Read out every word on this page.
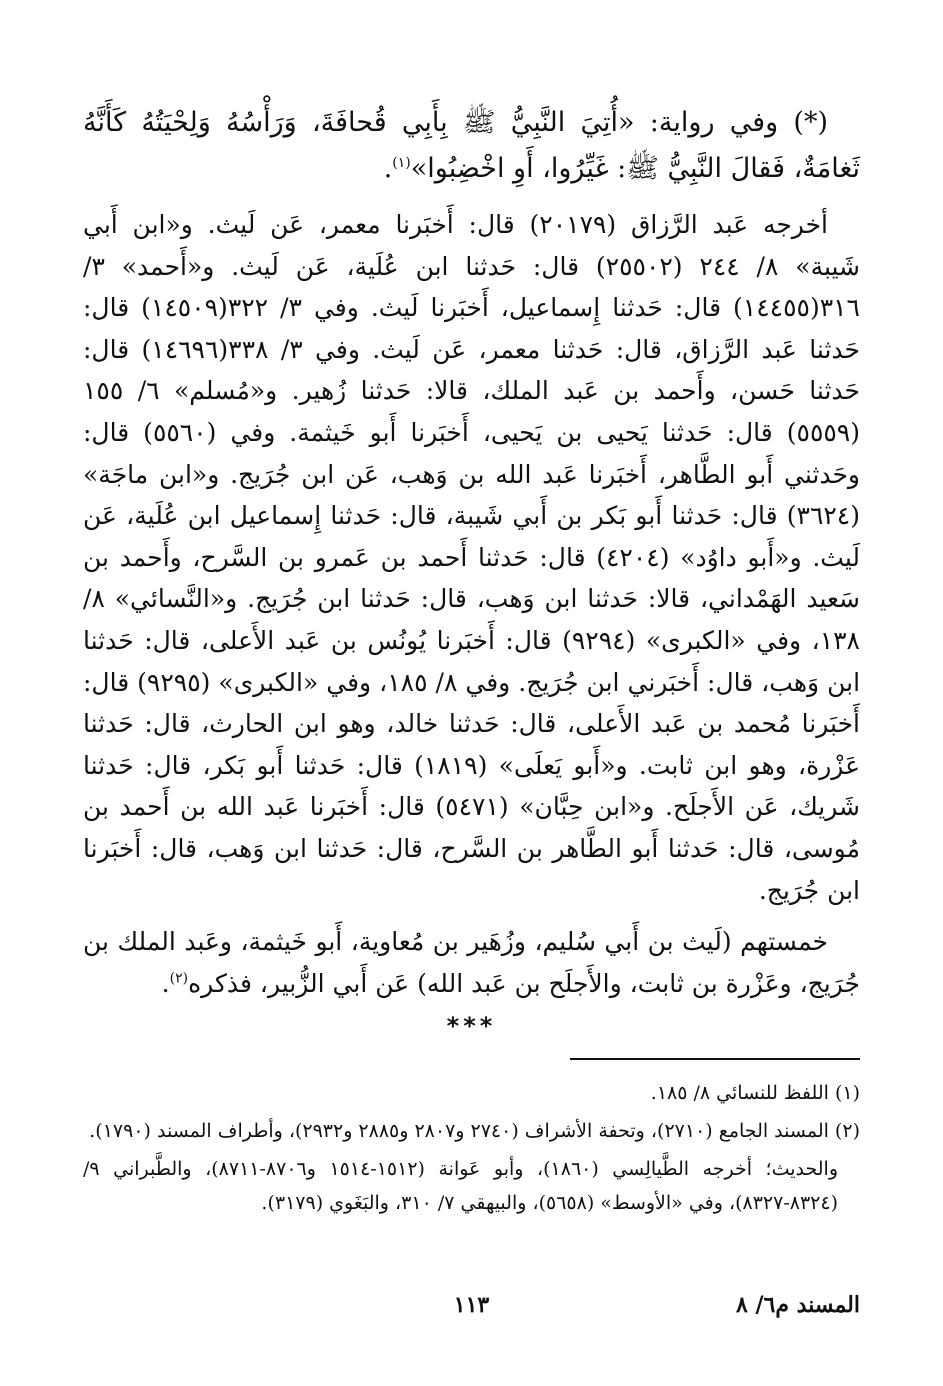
(*) وفي رواية: «أُتِيَ النَّبِيُّ ﷺ بِأَبِي قُحافَةَ، وَرَأْسُهُ وَلِحْيَتُهُ كَأَنَّهُ ثَغامَةٌ، فَقالَ النَّبِيُّ ﷺ: غَيِّرُوا، أَوِ اخْضِبُوا»$^{(١)}$.

أخرجه عَبد الرَّزاق (٢٠١٧٩) قال: أَخبَرنا معمر، عَن لَيث. و«ابن أَبي شَيبة» ٨/ ٢٤٤ (٢٥٥٠٢) قال: حَدثنا ابن عُلَية، عَن لَيث. و«أَحمد» ٣/ ٣١٦(١٤٤٥٥) قال: حَدثنا إِسماعيل، أَخبَرنا لَيث. وفي ٣/ ٣٢٢(١٤٥٠٩) قال: حَدثنا عَبد الرَّزاق، قال: حَدثنا معمر، عَن لَيث. وفي ٣/ ٣٣٨(١٤٦٩٦) قال: حَدثنا حَسن، وأَحمد بن عَبد الملك، قالا: حَدثنا زُهير. و«مُسلم» ٦/ ١٥٥ (٥٥٥٩) قال: حَدثنا يَحيى بن يَحيى، أَخبَرنا أَبو خَيثمة. وفي (٥٥٦٠) قال: وحَدثني أَبو الطَّاهر، أَخبَرنا عَبد الله بن وَهب، عَن ابن جُرَيج. و«ابن ماجَة» (٣٦٢٤) قال: حَدثنا أَبو بَكر بن أَبي شَيبة، قال: حَدثنا إِسماعيل ابن عُلَية، عَن لَيث. و«أَبو داوُد» (٤٢٠٤) قال: حَدثنا أَحمد بن عَمرو بن السَّرح، وأَحمد بن سَعيد الهَمْداني، قالا: حَدثنا ابن وَهب، قال: حَدثنا ابن جُرَيج. و«النَّسائي» ٨/ ١٣٨، وفي «الكبرى» (٩٢٩٤) قال: أَخبَرنا يُونُس بن عَبد الأَعلى، قال: حَدثنا ابن وَهب، قال: أَخبَرني ابن جُرَيج. وفي ٨/ ١٨٥، وفي «الكبرى» (٩٢٩٥) قال: أَخبَرنا مُحمد بن عَبد الأَعلى، قال: حَدثنا خالد، وهو ابن الحارث، قال: حَدثنا عَزْرة، وهو ابن ثابت. و«أَبو يَعلَى» (١٨١٩) قال: حَدثنا أَبو بَكر، قال: حَدثنا شَريك، عَن الأَجلَح. و«ابن حِبَّان» (٥٤٧١) قال: أَخبَرنا عَبد الله بن أَحمد بن مُوسى، قال: حَدثنا أَبو الطَّاهر بن السَّرح، قال: حَدثنا ابن وَهب، قال: أَخبَرنا ابن جُرَيج.

خمستهم (لَيث بن أَبي سُليم، وزُهَير بن مُعاوية، أَبو خَيثمة، وعَبد الملك بن جُرَيج، وعَزْرة بن ثابت، والأَجلَح بن عَبد الله) عَن أَبي الزُّبير، فذكره$^{(٢)}$.

***

(١) اللفظ للنسائي ٨/ ١٨٥.

(٢) المسند الجامع (٢٧١٠)، وتحفة الأشراف (٢٧٤٠ و٢٨٠٧ و٢٨٨٥ و٢٩٣٢)، وأطراف المسند (١٧٩٠).

والحديث؛ أخرجه الطَّيالِسي (١٨٦٠)، وأبو عَوانة (١٥١٢-١٥١٤ و٨٧٠٦-٨٧١١)، والطَّبراني ٩/ (٨٣٢٤-٨٣٢٧)، وفي «الأوسط» (٥٦٥٨)، والبيهقي ٧/ ٣١٠، والبَغَوي (٣١٧٩).

١١٣	المسند م٦/ ٨
